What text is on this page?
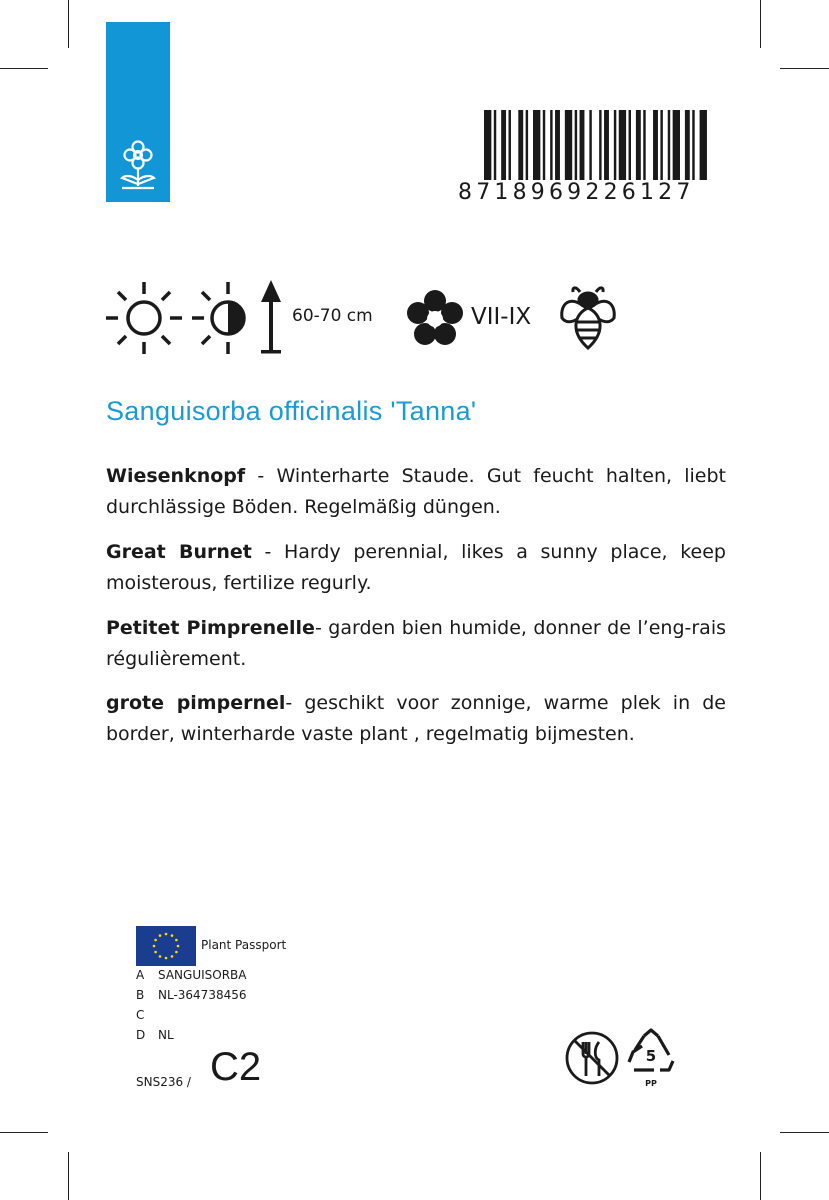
8718969226127
60-70 cm	VII-IX
Sanguisorba officinalis 'Tanna'
Wiesenknopf - Winterharte Staude. Gut feucht halten, liebt durchlässige Böden. Regelmäßig düngen.
Great Burnet - Hardy perennial, likes a sunny place, keep moisterous, fertilize regurly.
Petitet Pimprenelle- garden bien humide, donner de l’eng-rais régulièrement.
grote pimpernel- geschikt voor zonnige, warme plek in de border, winterharde vaste plant , regelmatig bijmesten.
Plant Passport
A SANGUISORBA
B NL-364738456
C
D NL
SNS236 / C2	5
PP
